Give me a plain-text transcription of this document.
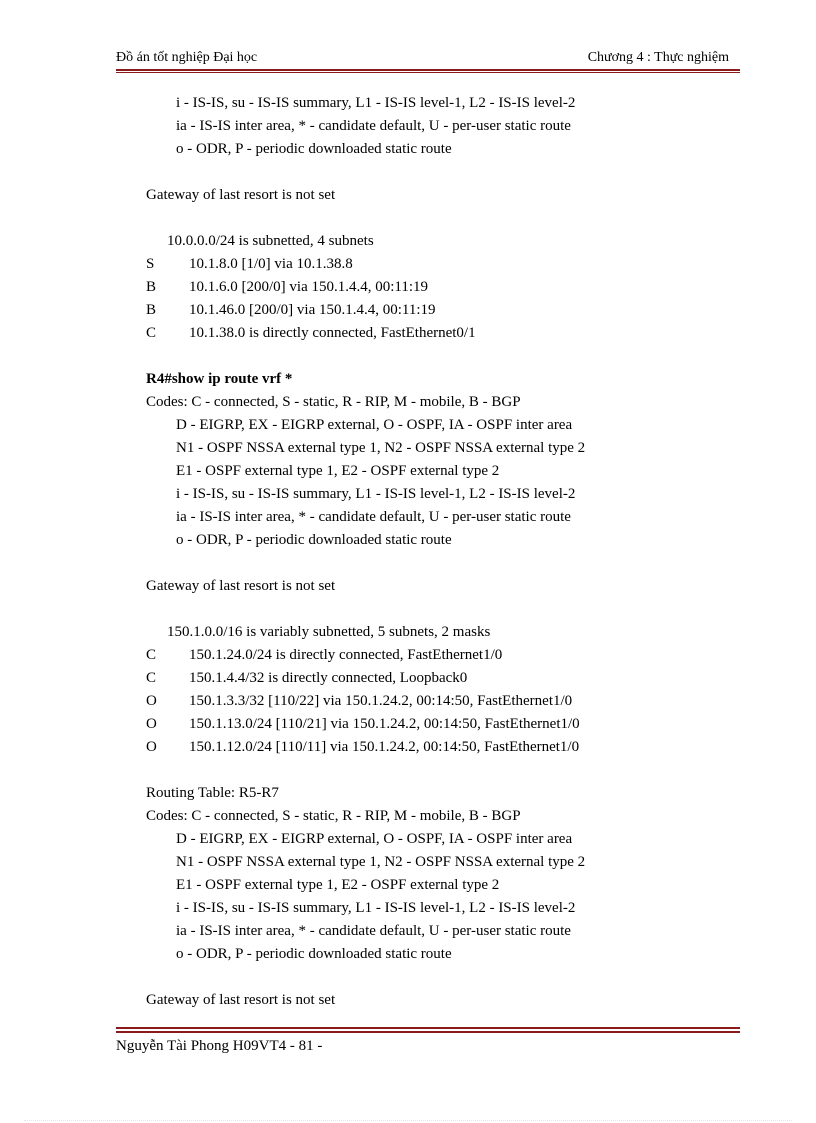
Đồ án tốt nghiệp Đại học	Chương 4 : Thực nghiệm
i - IS-IS, su - IS-IS summary, L1 - IS-IS level-1, L2 - IS-IS level-2
ia - IS-IS inter area, * - candidate default, U - per-user static route
o - ODR, P - periodic downloaded static route
Gateway of last resort is not set
10.0.0.0/24 is subnetted, 4 subnets
S 10.1.8.0 [1/0] via 10.1.38.8
B 10.1.6.0 [200/0] via 150.1.4.4, 00:11:19
B 10.1.46.0 [200/0] via 150.1.4.4, 00:11:19
C 10.1.38.0 is directly connected, FastEthernet0/1
R4#show ip route vrf *
Codes: C - connected, S - static, R - RIP, M - mobile, B - BGP
D - EIGRP, EX - EIGRP external, O - OSPF, IA - OSPF inter area
N1 - OSPF NSSA external type 1, N2 - OSPF NSSA external type 2
E1 - OSPF external type 1, E2 - OSPF external type 2
i - IS-IS, su - IS-IS summary, L1 - IS-IS level-1, L2 - IS-IS level-2
ia - IS-IS inter area, * - candidate default, U - per-user static route
o - ODR, P - periodic downloaded static route
Gateway of last resort is not set
150.1.0.0/16 is variably subnetted, 5 subnets, 2 masks
C 150.1.24.0/24 is directly connected, FastEthernet1/0
C 150.1.4.4/32 is directly connected, Loopback0
O 150.1.3.3/32 [110/22] via 150.1.24.2, 00:14:50, FastEthernet1/0
O 150.1.13.0/24 [110/21] via 150.1.24.2, 00:14:50, FastEthernet1/0
O 150.1.12.0/24 [110/11] via 150.1.24.2, 00:14:50, FastEthernet1/0
Routing Table: R5-R7
Codes: C - connected, S - static, R - RIP, M - mobile, B - BGP
D - EIGRP, EX - EIGRP external, O - OSPF, IA - OSPF inter area
N1 - OSPF NSSA external type 1, N2 - OSPF NSSA external type 2
E1 - OSPF external type 1, E2 - OSPF external type 2
i - IS-IS, su - IS-IS summary, L1 - IS-IS level-1, L2 - IS-IS level-2
ia - IS-IS inter area, * - candidate default, U - per-user static route
o - ODR, P - periodic downloaded static route
Gateway of last resort is not set
Nguyễn Tài Phong H09VT4 - 81 -
